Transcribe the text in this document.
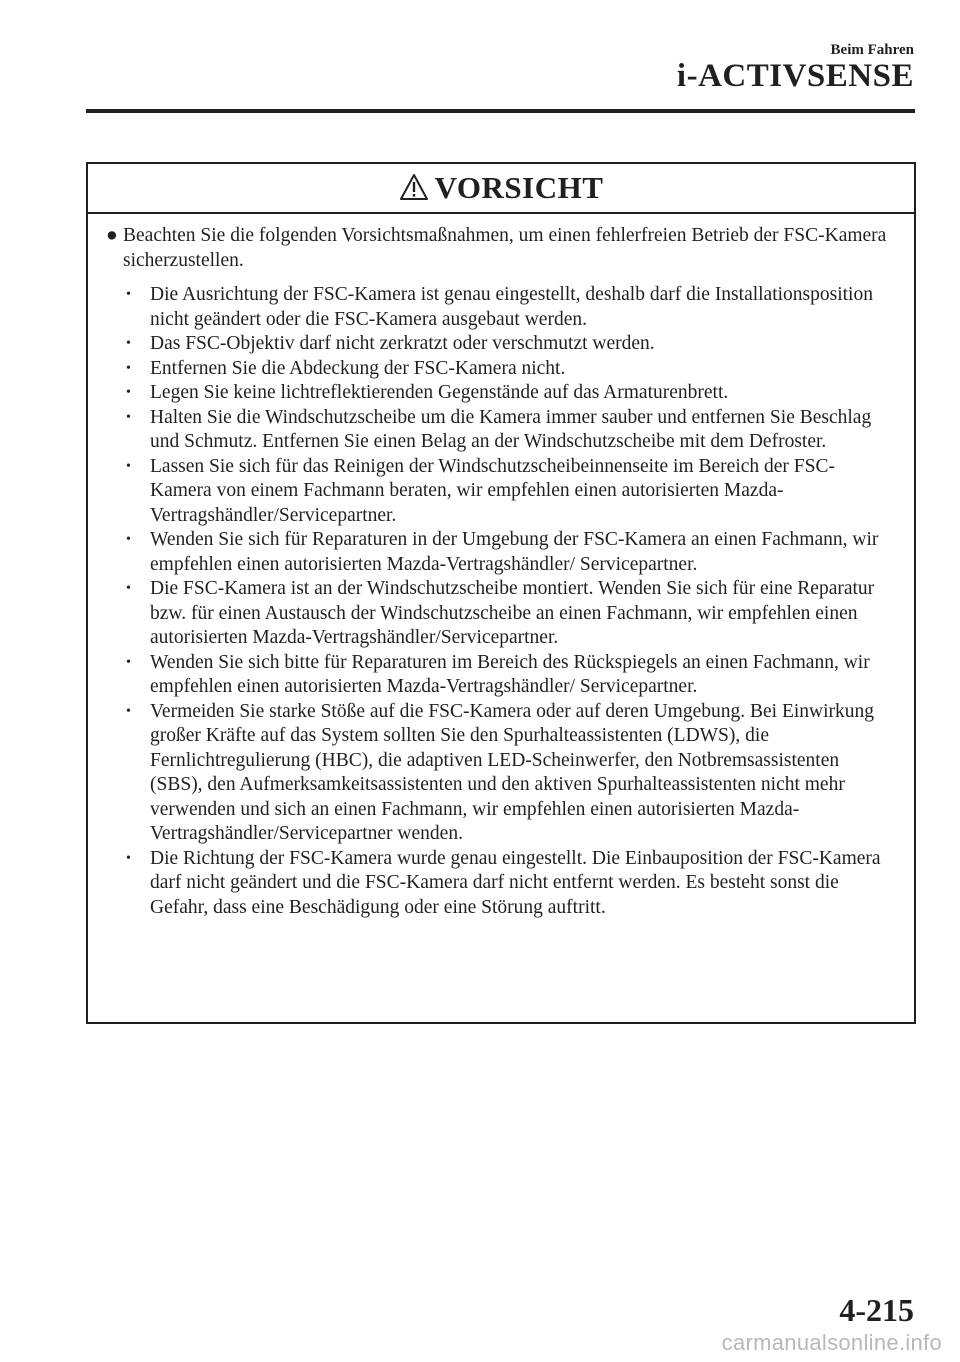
Beim Fahren
i-ACTIVSENSE
VORSICHT
● Beachten Sie die folgenden Vorsichtsmaßnahmen, um einen fehlerfreien Betrieb der FSC-Kamera sicherzustellen.
• Die Ausrichtung der FSC-Kamera ist genau eingestellt, deshalb darf die Installationsposition nicht geändert oder die FSC-Kamera ausgebaut werden.
• Das FSC-Objektiv darf nicht zerkratzt oder verschmutzt werden.
• Entfernen Sie die Abdeckung der FSC-Kamera nicht.
• Legen Sie keine lichtreflektierenden Gegenstände auf das Armaturenbrett.
• Halten Sie die Windschutzscheibe um die Kamera immer sauber und entfernen Sie Beschlag und Schmutz. Entfernen Sie einen Belag an der Windschutzscheibe mit dem Defroster.
• Lassen Sie sich für das Reinigen der Windschutzscheibeinnenseite im Bereich der FSC-Kamera von einem Fachmann beraten, wir empfehlen einen autorisierten Mazda-Vertragshändler/Servicepartner.
• Wenden Sie sich für Reparaturen in der Umgebung der FSC-Kamera an einen Fachmann, wir empfehlen einen autorisierten Mazda-Vertragshändler/ Servicepartner.
• Die FSC-Kamera ist an der Windschutzscheibe montiert. Wenden Sie sich für eine Reparatur bzw. für einen Austausch der Windschutzscheibe an einen Fachmann, wir empfehlen einen autorisierten Mazda-Vertragshändler/Servicepartner.
• Wenden Sie sich bitte für Reparaturen im Bereich des Rückspiegels an einen Fachmann, wir empfehlen einen autorisierten Mazda-Vertragshändler/ Servicepartner.
• Vermeiden Sie starke Stöße auf die FSC-Kamera oder auf deren Umgebung. Bei Einwirkung großer Kräfte auf das System sollten Sie den Spurhalteassistenten (LDWS), die Fernlichtregulierung (HBC), die adaptiven LED-Scheinwerfer, den Notbremsassistenten (SBS), den Aufmerksamkeitsassistenten und den aktiven Spurhalteassistenten nicht mehr verwenden und sich an einen Fachmann, wir empfehlen einen autorisierten Mazda-Vertragshändler/Servicepartner wenden.
• Die Richtung der FSC-Kamera wurde genau eingestellt. Die Einbauposition der FSC-Kamera darf nicht geändert und die FSC-Kamera darf nicht entfernt werden. Es besteht sonst die Gefahr, dass eine Beschädigung oder eine Störung auftritt.
4-215
carmanualsonline.info
